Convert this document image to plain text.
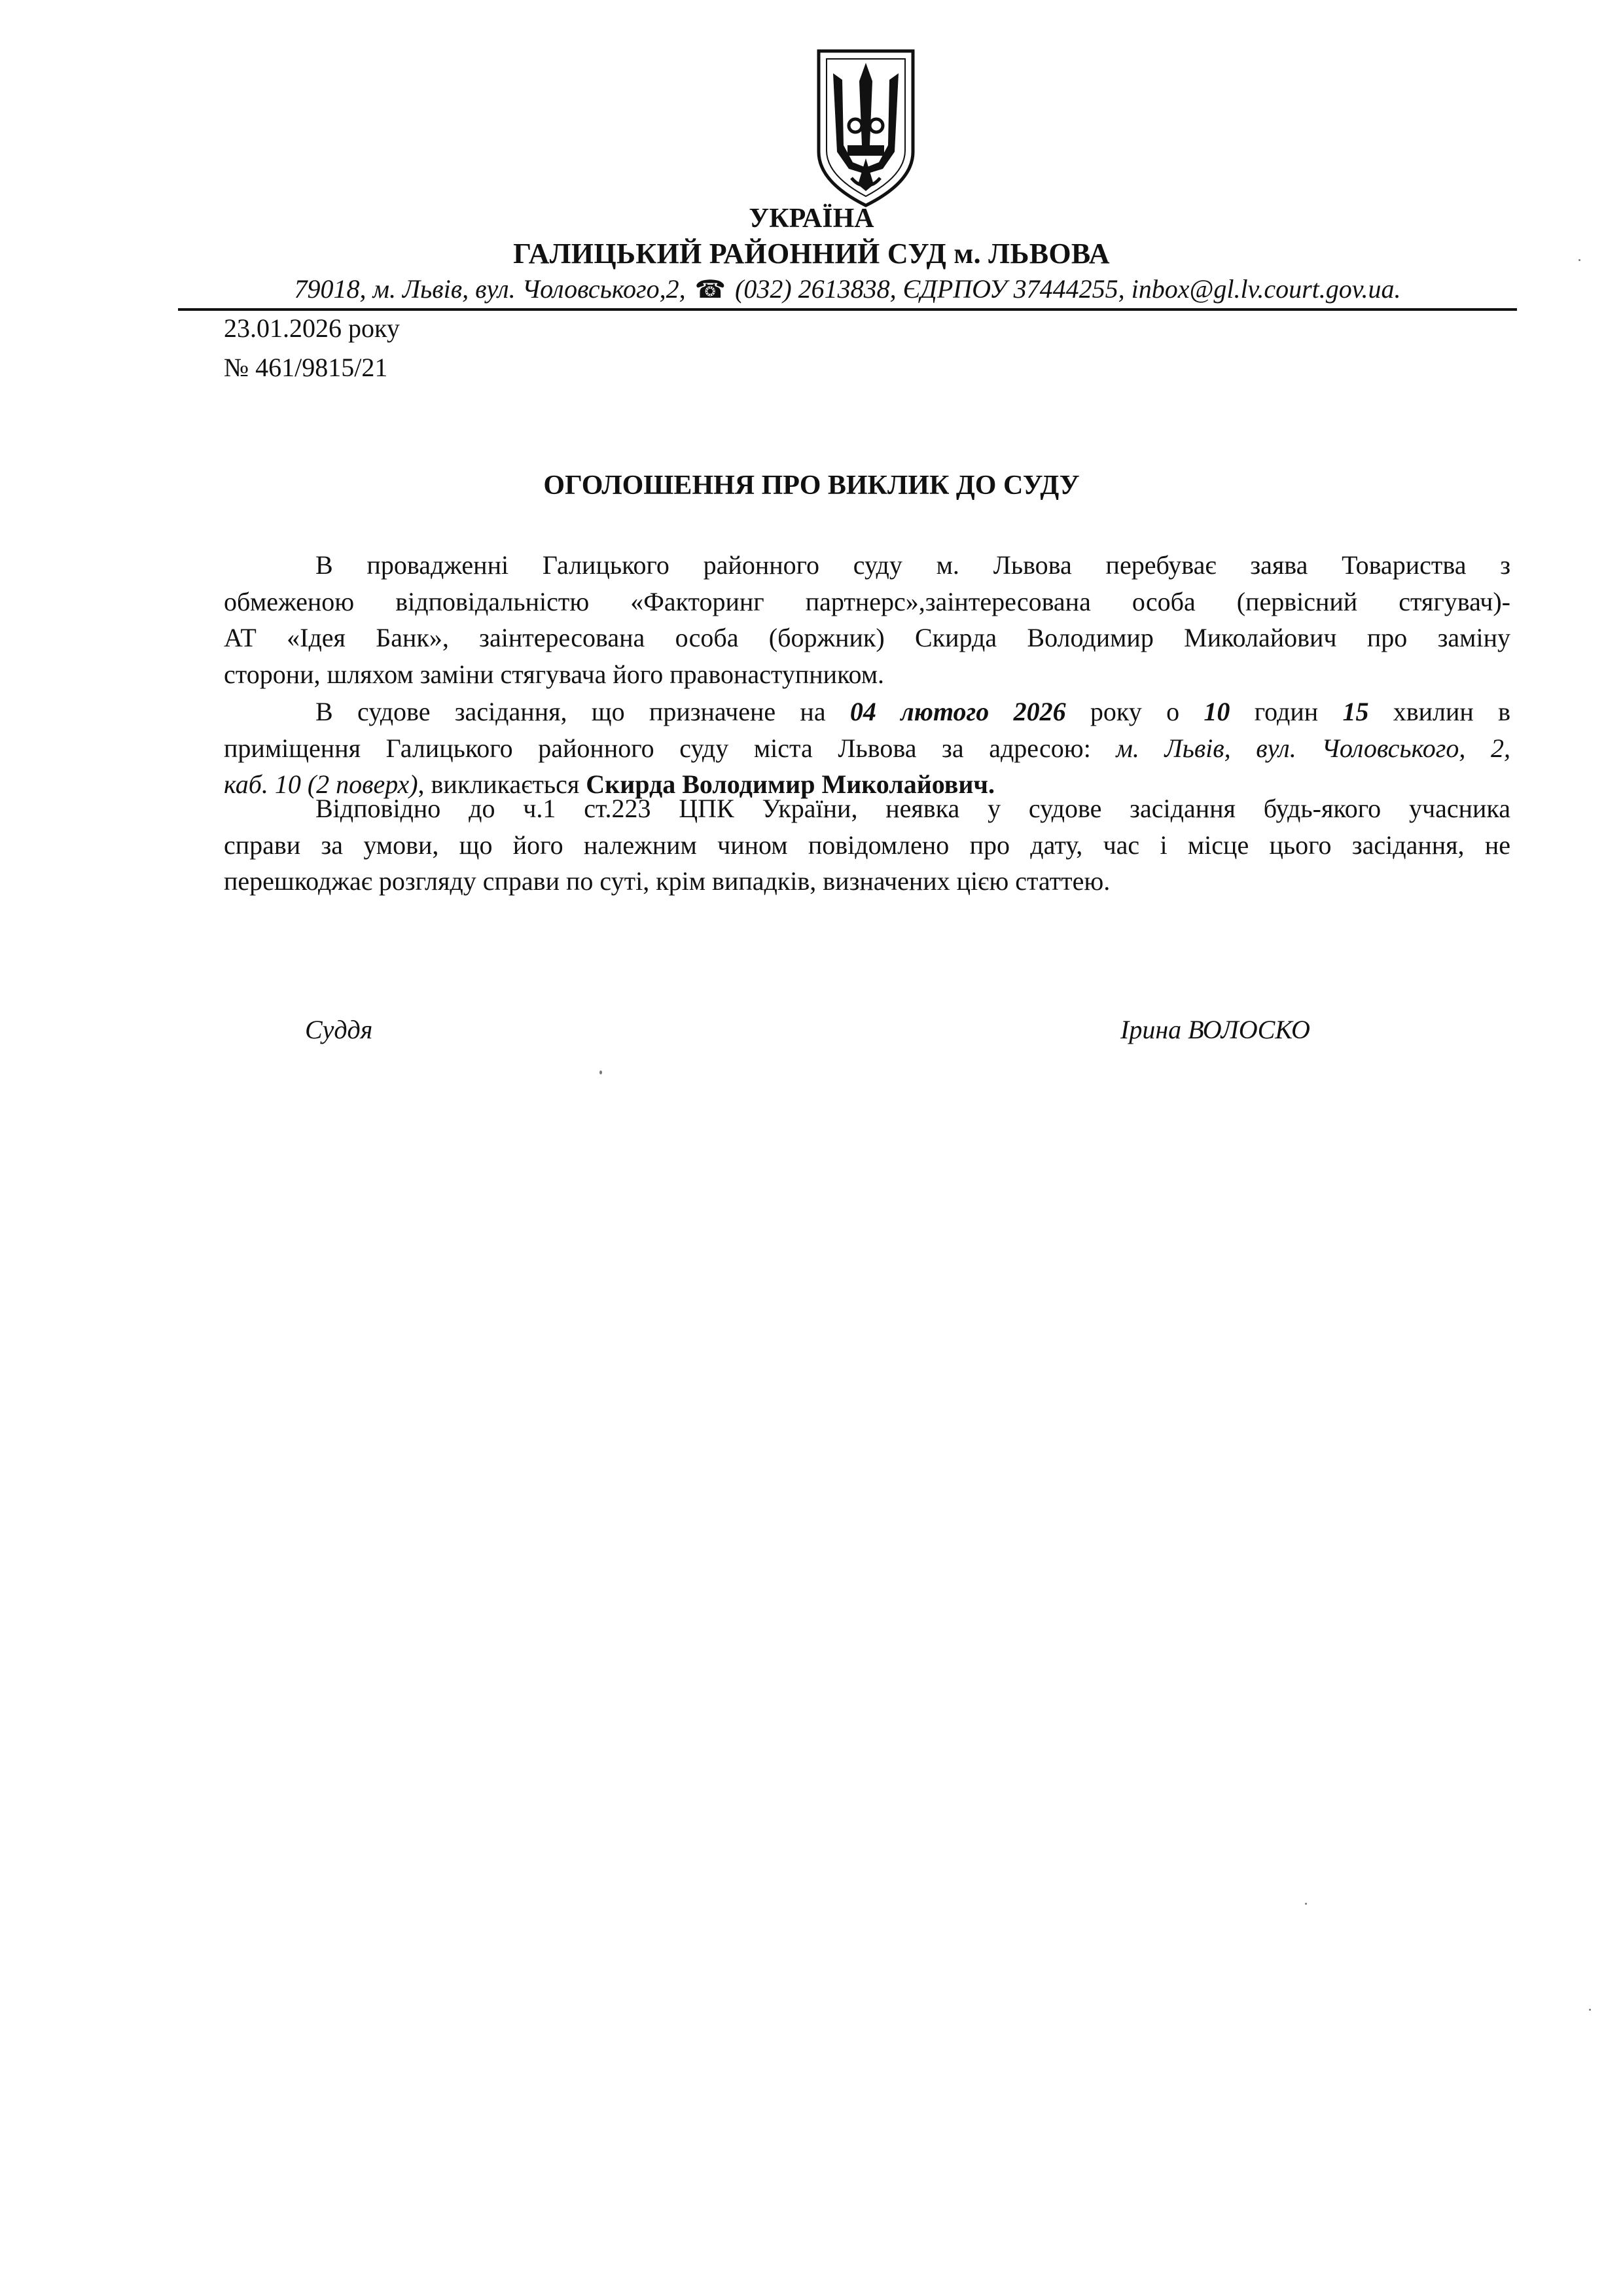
УКРАЇНА
ГАЛИЦЬКИЙ РАЙОННИЙ СУД м. ЛЬВОВА
79018, м. Львів, вул. Чоловського,2, ☎ (032) 2613838, ЄДРПОУ 37444255, inbox@gl.lv.court.gov.ua.
23.01.2026 року
№ 461/9815/21
ОГОЛОШЕННЯ ПРО ВИКЛИК ДО СУДУ
В провадженні Галицького районного суду м. Львова перебуває заява Товариства з
обмеженою відповідальністю «Факторинг партнерс»,заінтересована особа (первісний стягувач)-
АТ «Ідея Банк», заінтересована особа (боржник) Скирда Володимир Миколайович про заміну
сторони, шляхом заміни стягувача його правонаступником.
В судове засідання, що призначене на 04 лютого 2026 року о 10 годин 15 хвилин в
приміщення Галицького районного суду міста Львова за адресою: м. Львів, вул. Чоловського, 2,
каб. 10 (2 поверх), викликається Скирда Володимир Миколайович.
Відповідно до ч.1 ст.223 ЦПК України, неявка у судове засідання будь-якого учасника
справи за умови, що його належним чином повідомлено про дату, час і місце цього засідання, не
перешкоджає розгляду справи по суті, крім випадків, визначених цією статтею.
Суддя	Ірина ВОЛОСКО
